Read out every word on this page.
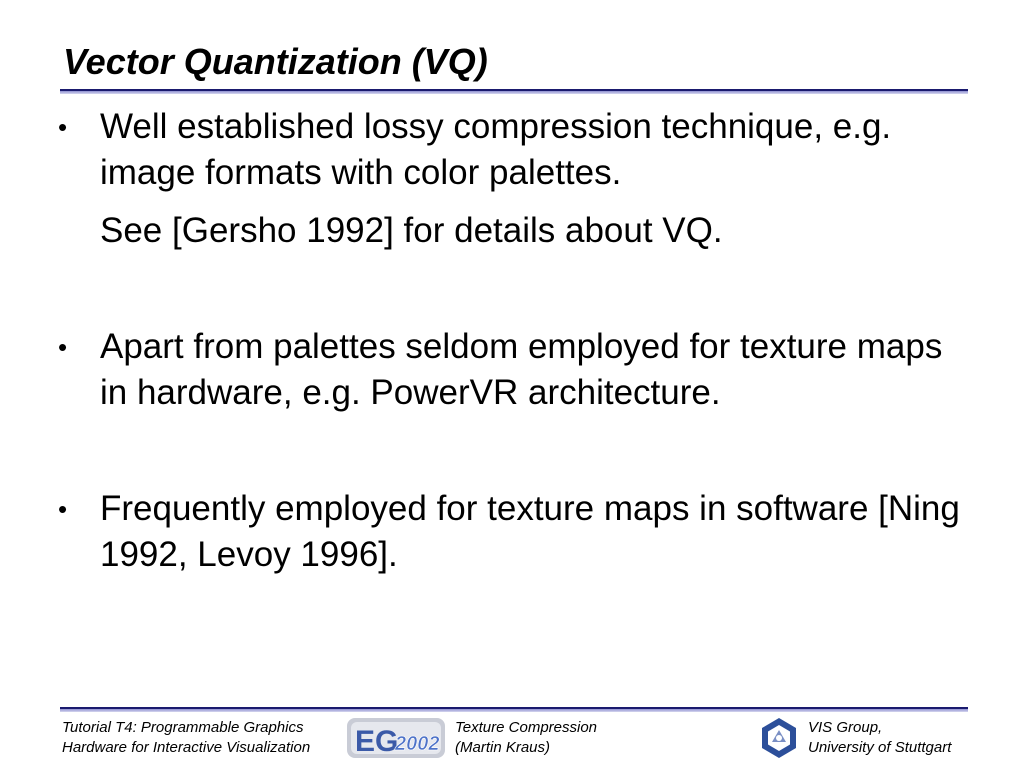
Vector Quantization (VQ)
• Well established lossy compression technique, e.g. image formats with color palettes.
See [Gersho 1992] for details about VQ.
• Apart from palettes seldom employed for texture maps in hardware, e.g. PowerVR architecture.
• Frequently employed for texture maps in software [Ning 1992, Levoy 1996].
Tutorial T4: Programmable Graphics
Hardware for Interactive Visualization EG
2002
Texture Compression
(Martin Kraus)
VIS Group,
University of Stuttgart
